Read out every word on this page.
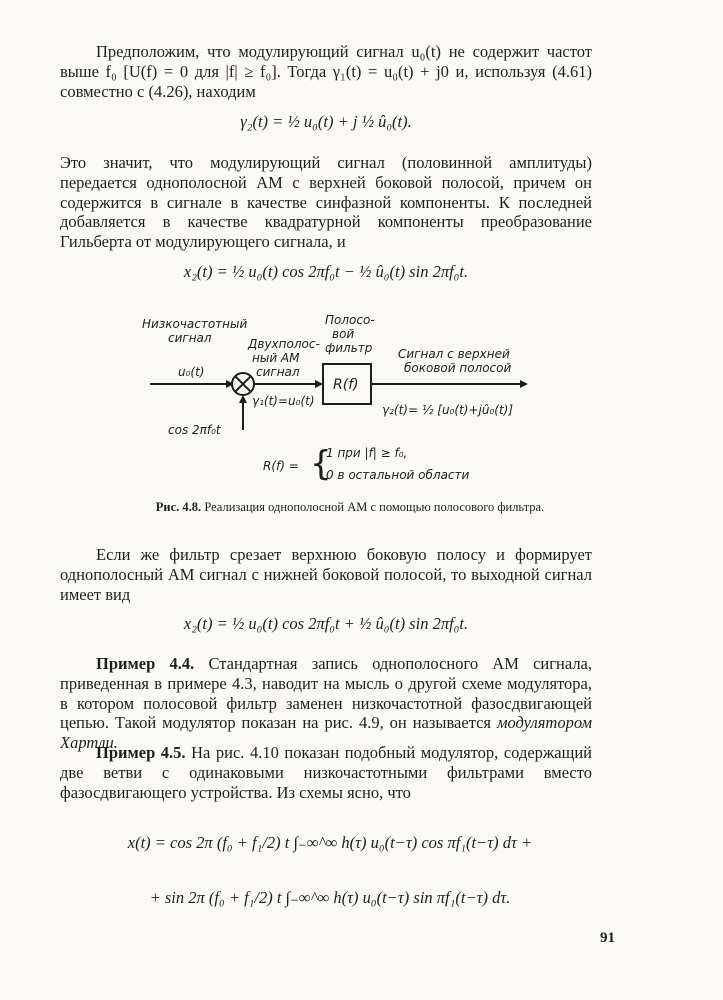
Предположим, что модулирующий сигнал u₀(t) не содержит частот выше f₀ [U(f) = 0 для |f| ≥ f₀]. Тогда γ₁(t) = u₀(t) + j0 и, используя (4.61) совместно с (4.26), находим

γ₂(t) = ½ u₀(t) + j ½ û₀(t).

Это значит, что модулирующий сигнал (половинной амплитуды) передается однополосной АМ с верхней боковой полосой, причем он содержится в сигнале в качестве синфазной компоненты. К последней добавляется в качестве квадратурной компоненты преобразование Гильберта от модулирующего сигнала, и

x₂(t) = ½ u₀(t) cos 2πf₀t − ½ û₀(t) sin 2πf₀t.

Низкочастотный
сигнал	Двухполос-
ный АМ
сигнал
Полосо-
вой
фильтр Сигнал с верхней
боковой полосой
u₀(t)
cos 2πf₀t
γ₁(t)=u₀(t)
R(f)
γ₂(t)= ½ [u₀(t)+jû₀(t)]
R(f) = {
1 при |f| ≥ f₀,
0 в остальной области

Рис. 4.8. Реализация однополосной АМ с помощью полосового фильтра.

Если же фильтр срезает верхнюю боковую полосу и формирует однополосный АМ сигнал с нижней боковой полосой, то выходной сигнал имеет вид

x₂(t) = ½ u₀(t) cos 2πf₀t + ½ û₀(t) sin 2πf₀t.

Пример 4.4. Стандартная запись однополосного АМ сигнала, приведенная в примере 4.3, наводит на мысль о другой схеме модулятора, в котором полосовой фильтр заменен низкочастотной фазосдвигающей цепью. Такой модулятор показан на рис. 4.9, он называется модулятором Хартли.

Пример 4.5. На рис. 4.10 показан подобный модулятор, содержащий две ветви с одинаковыми низкочастотными фильтрами вместо фазосдвигающего устройства. Из схемы ясно, что

x(t) = cos 2π (f₀ + f₁/2) t ∫₋∞^∞ h(τ) u₀(t−τ) cos πf₁(t−τ) dτ +

+ sin 2π (f₀ + f₁/2) t ∫₋∞^∞ h(τ) u₀(t−τ) sin πf₁(t−τ) dτ.

91
